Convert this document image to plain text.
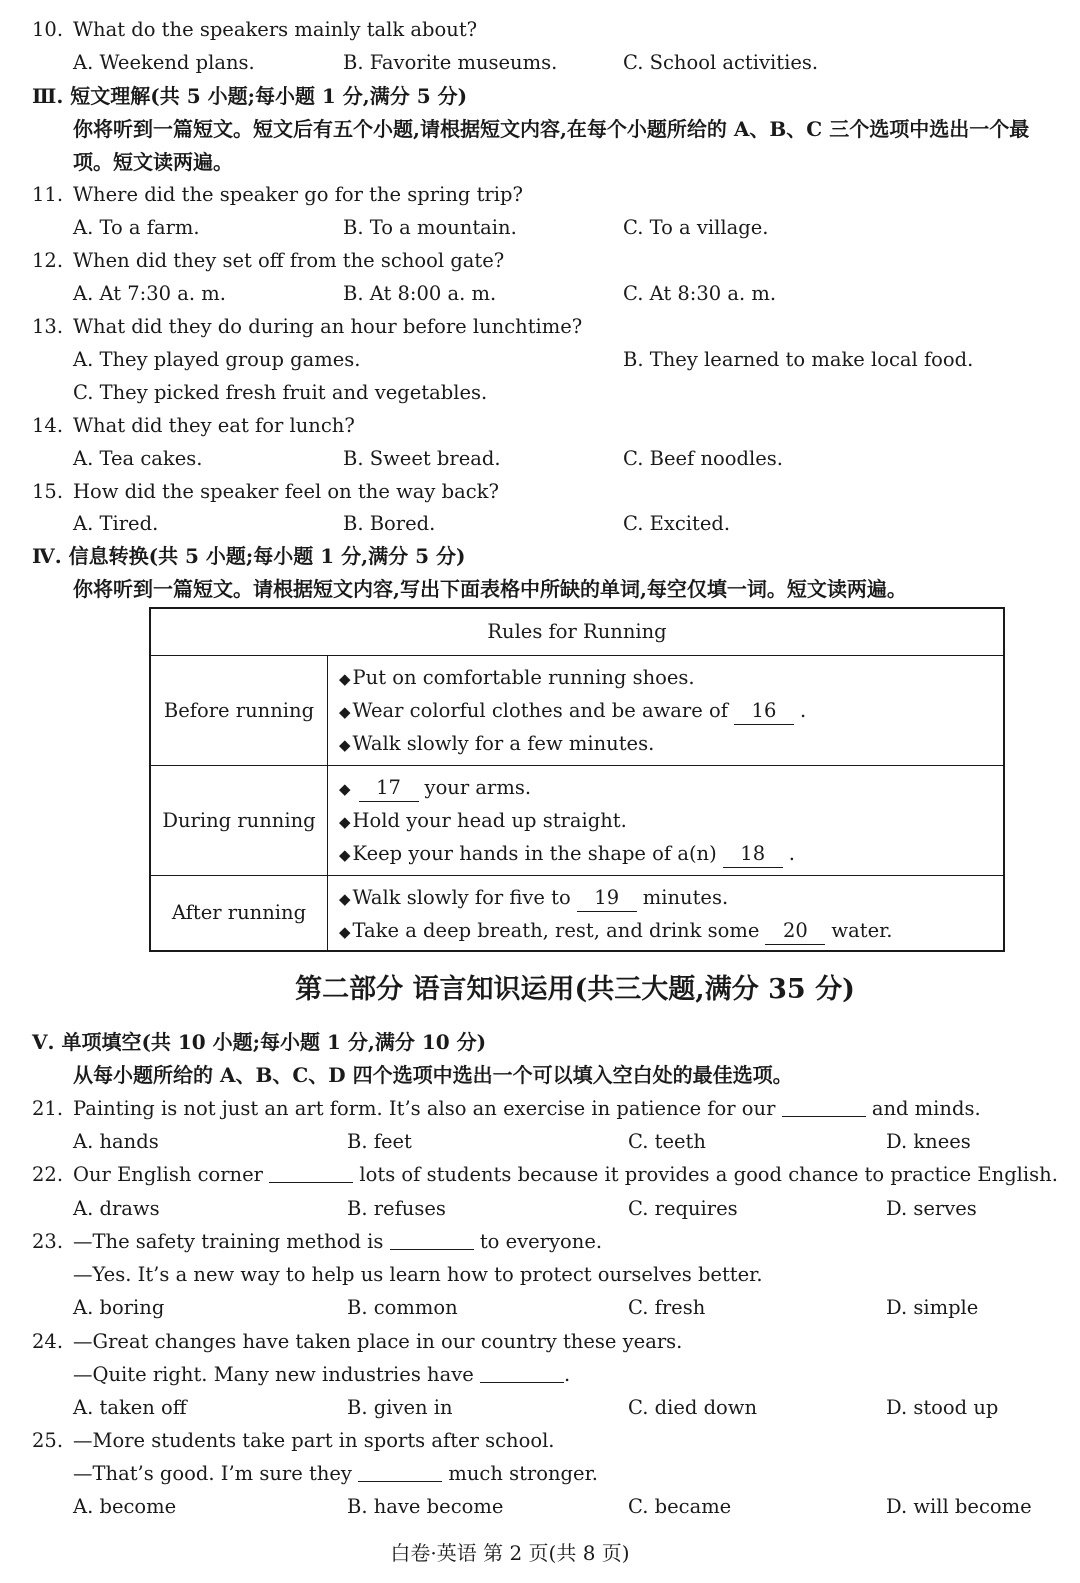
10. What do the speakers mainly talk about?
A. Weekend plans.	B. Favorite museums.	C. School activities.
Ⅲ. 短文理解(共 5 小题;每小题 1 分,满分 5 分)
你将听到一篇短文。短文后有五个小题,请根据短文内容,在每个小题所给的 A、B、C 三个选项中选出一个最
项。短文读两遍。
11. Where did the speaker go for the spring trip?
A. To a farm.	B. To a mountain.	C. To a village.
12. When did they set off from the school gate?
A. At 7:30 a. m.	B. At 8:00 a. m.	C. At 8:30 a. m.
13. What did they do during an hour before lunchtime?
A. They played group games.	B. They learned to make local food.
C. They picked fresh fruit and vegetables.
14. What did they eat for lunch?
A. Tea cakes.	B. Sweet bread.	C. Beef noodles.
15. How did the speaker feel on the way back?
A. Tired.	B. Bored.	C. Excited.
Ⅳ. 信息转换(共 5 小题;每小题 1 分,满分 5 分)
你将听到一篇短文。请根据短文内容,写出下面表格中所缺的单词,每空仅填一词。短文读两遍。
Rules for Running
Before running
◆ Put on comfortable running shoes.
◆ Wear colorful clothes and be aware of 16 .
◆ Walk slowly for a few minutes.
During running
◆ 17 your arms.
◆ Hold your head up straight.
◆ Keep your hands in the shape of a(n) 18 .
After running
◆ Walk slowly for five to 19 minutes.
◆ Take a deep breath, rest, and drink some 20 water.
第二部分 语言知识运用(共三大题,满分 35 分)
Ⅴ. 单项填空(共 10 小题;每小题 1 分,满分 10 分)
从每小题所给的 A、B、C、D 四个选项中选出一个可以填入空白处的最佳选项。
21. Painting is not just an art form. It’s also an exercise in patience for our	and minds.
A. hands	B. feet	C. teeth	D. knees
22. Our English corner	lots of students because it provides a good chance to practice English.
A. draws	B. refuses	C. requires	D. serves
23. —The safety training method is	to everyone.
—Yes. It’s a new way to help us learn how to protect ourselves better.
A. boring	B. common	C. fresh	D. simple
24. —Great changes have taken place in our country these years.
—Quite right. Many new industries have	.
A. taken off	B. given in	C. died down	D. stood up
25. —More students take part in sports after school.
—That’s good. I’m sure they	much stronger.
A. become	B. have become	C. became	D. will become
白卷·英语 第 2 页(共 8 页)
